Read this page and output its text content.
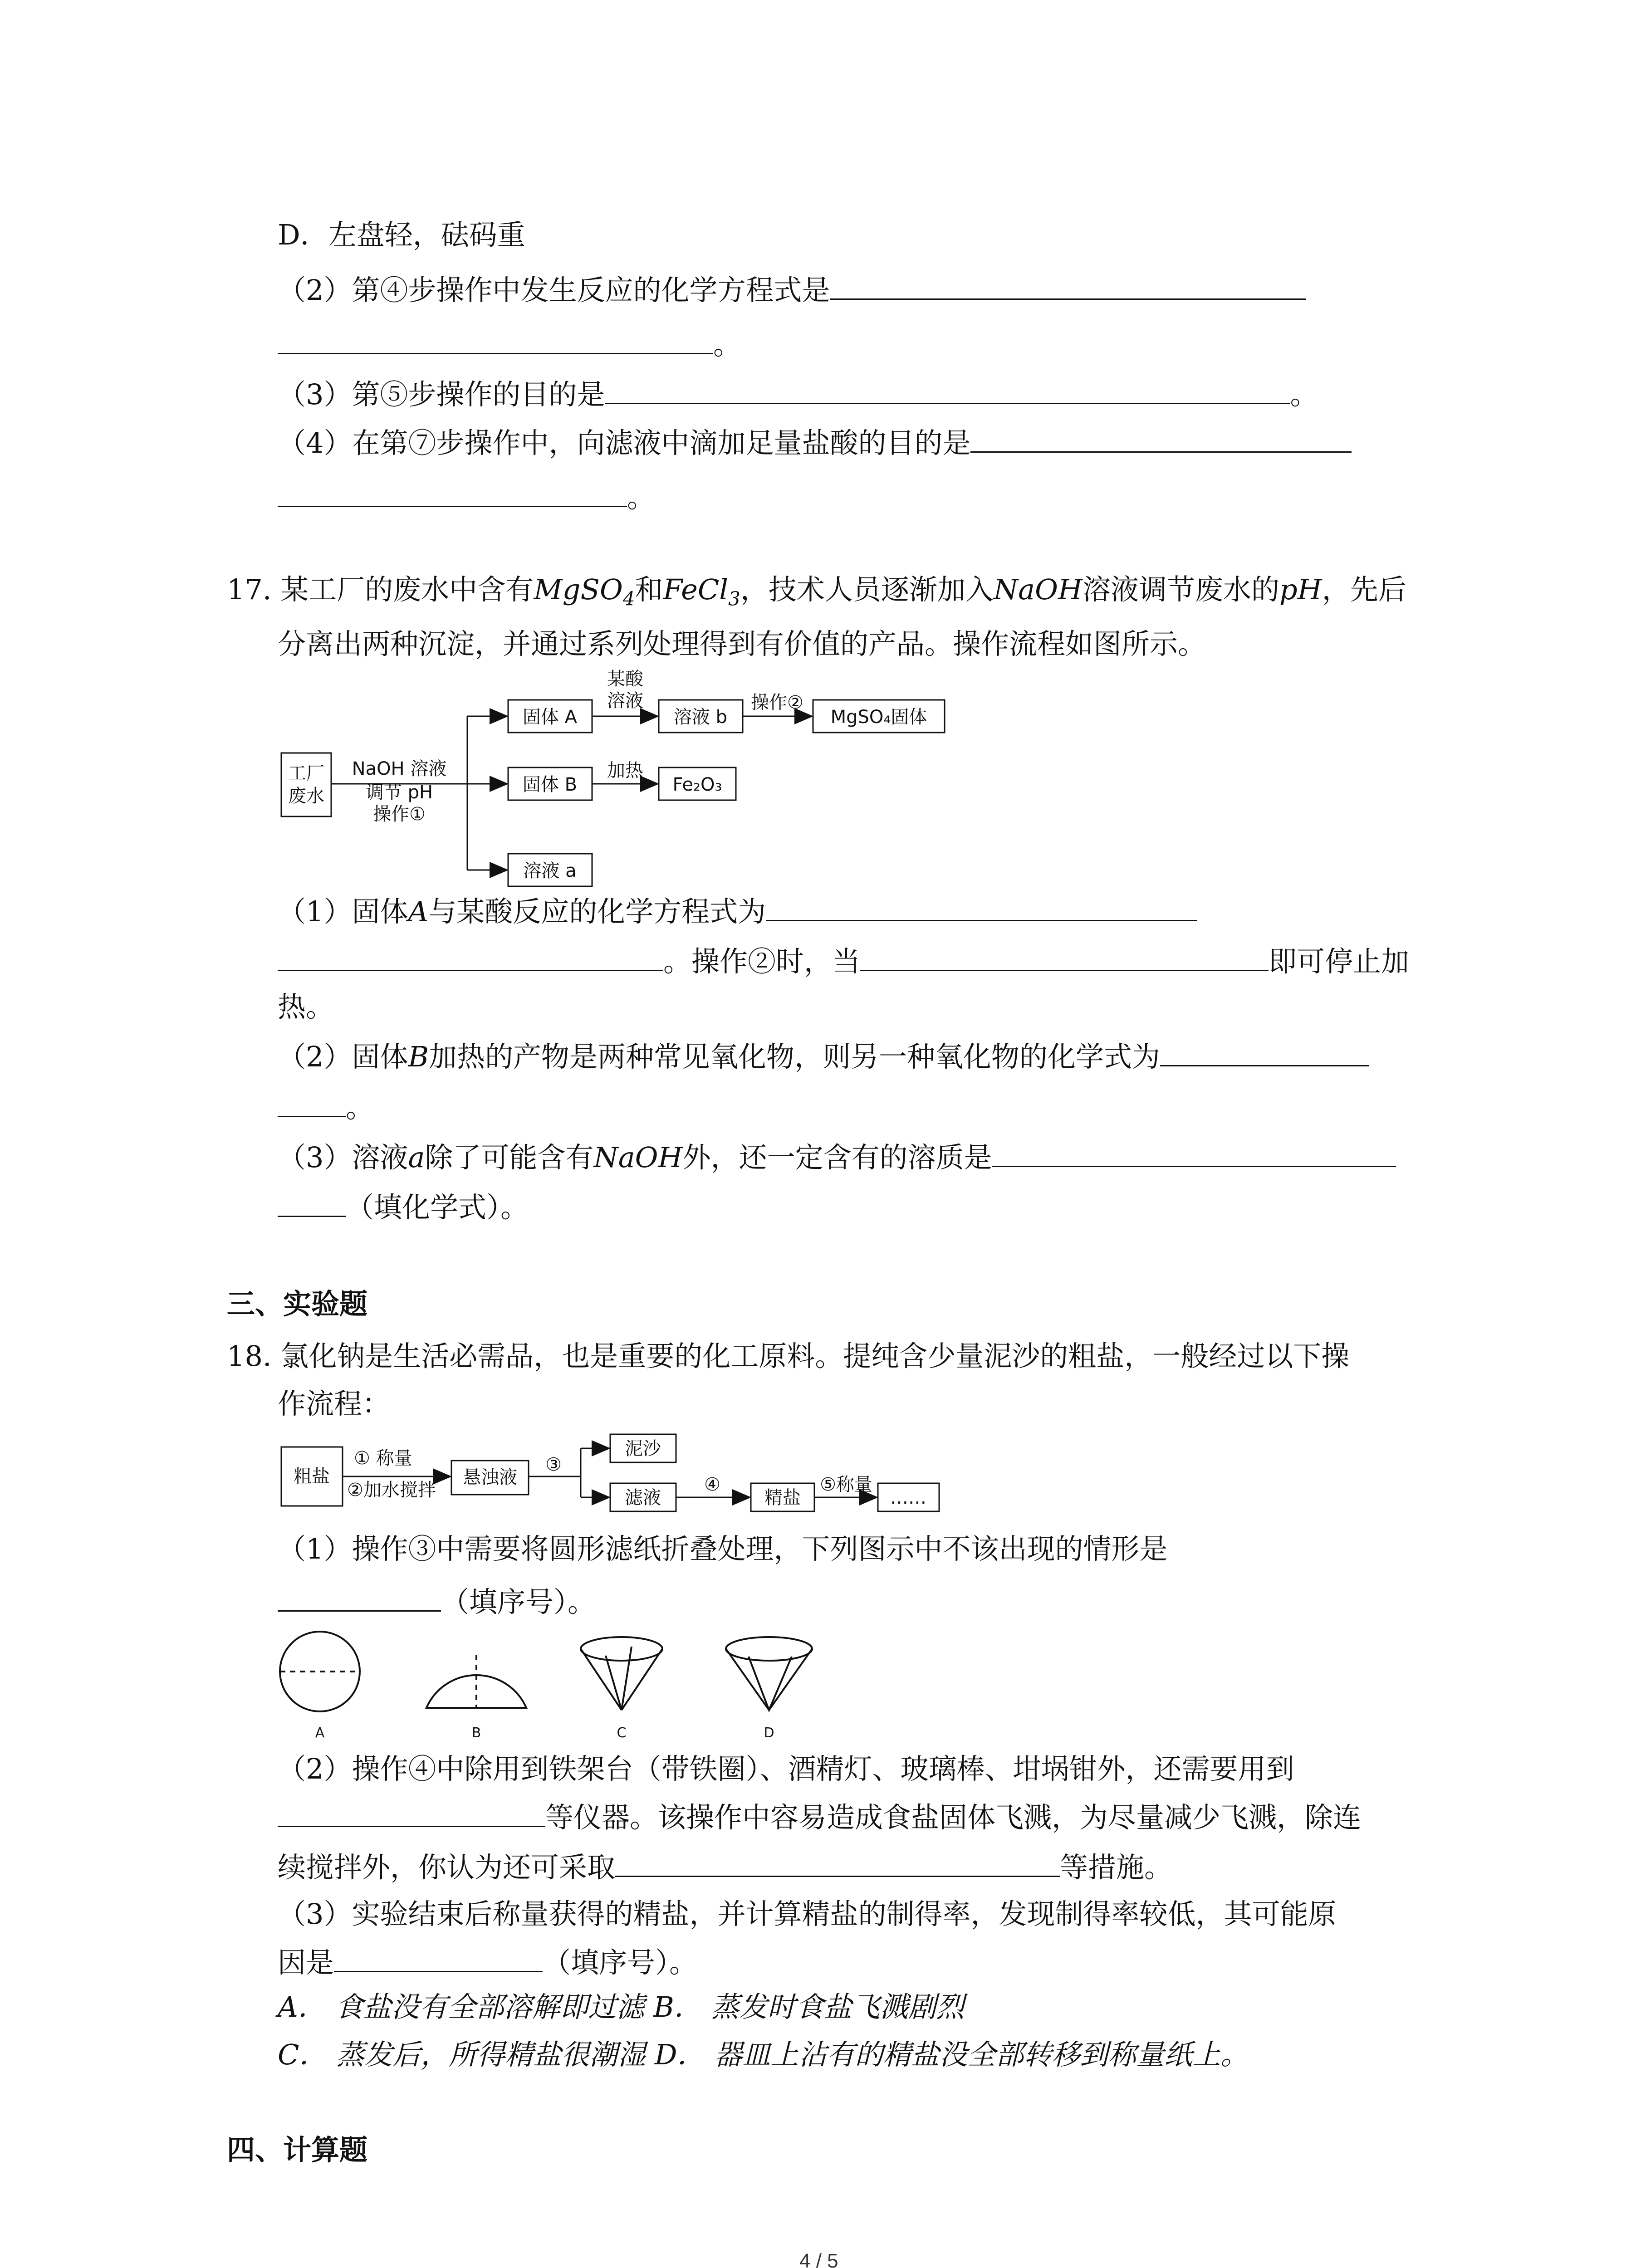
D．左盘轻，砝码重
（2）第④步操作中发生反应的化学方程式是
。
（3）第⑤步操作的目的是	。
（4）在第⑦步操作中，向滤液中滴加足量盐酸的目的是
。
17. 某工厂的废水中含有MgSO$_4$和FeCl$_3$，技术人员逐渐加入NaOH溶液调节废水的pH，先后
分离出两种沉淀，并通过系列处理得到有价值的产品。操作流程如图所示。
工厂
废水
NaOH 溶液
调节 pH
操作①
固体 A
某酸
溶液
溶液 b
操作②
MgSO₄固体
固体 B
加热
Fe₂O₃
溶液 a
（1）固体A与某酸反应的化学方程式为
。操作②时，当	即可停止加
热。
（2）固体B加热的产物是两种常见氧化物，则另一种氧化物的化学式为
。
（3）溶液a除了可能含有NaOH外，还一定含有的溶质是
（填化学式）。
三、实验题
18. 氯化钠是生活必需品，也是重要的化工原料。提纯含少量泥沙的粗盐，一般经过以下操
作流程：
粗盐
① 称量
②加水搅拌
悬浊液
③
泥沙
滤液
④
精盐
⑤称量
……
（1）操作③中需要将圆形滤纸折叠处理，下列图示中不该出现的情形是
（填序号）。
A	B	C	D
（2）操作④中除用到铁架台（带铁圈）、酒精灯、玻璃棒、坩埚钳外，还需要用到
等仪器。该操作中容易造成食盐固体飞溅，为尽量减少飞溅，除连
续搅拌外，你认为还可采取	等措施。
（3）实验结束后称量获得的精盐，并计算精盐的制得率，发现制得率较低，其可能原
因是	（填序号）。
A． 食盐没有全部溶解即过滤 B． 蒸发时食盐飞溅剧烈
C． 蒸发后，所得精盐很潮湿 D． 器皿上沾有的精盐没全部转移到称量纸上。
四、计算题
4 / 5
